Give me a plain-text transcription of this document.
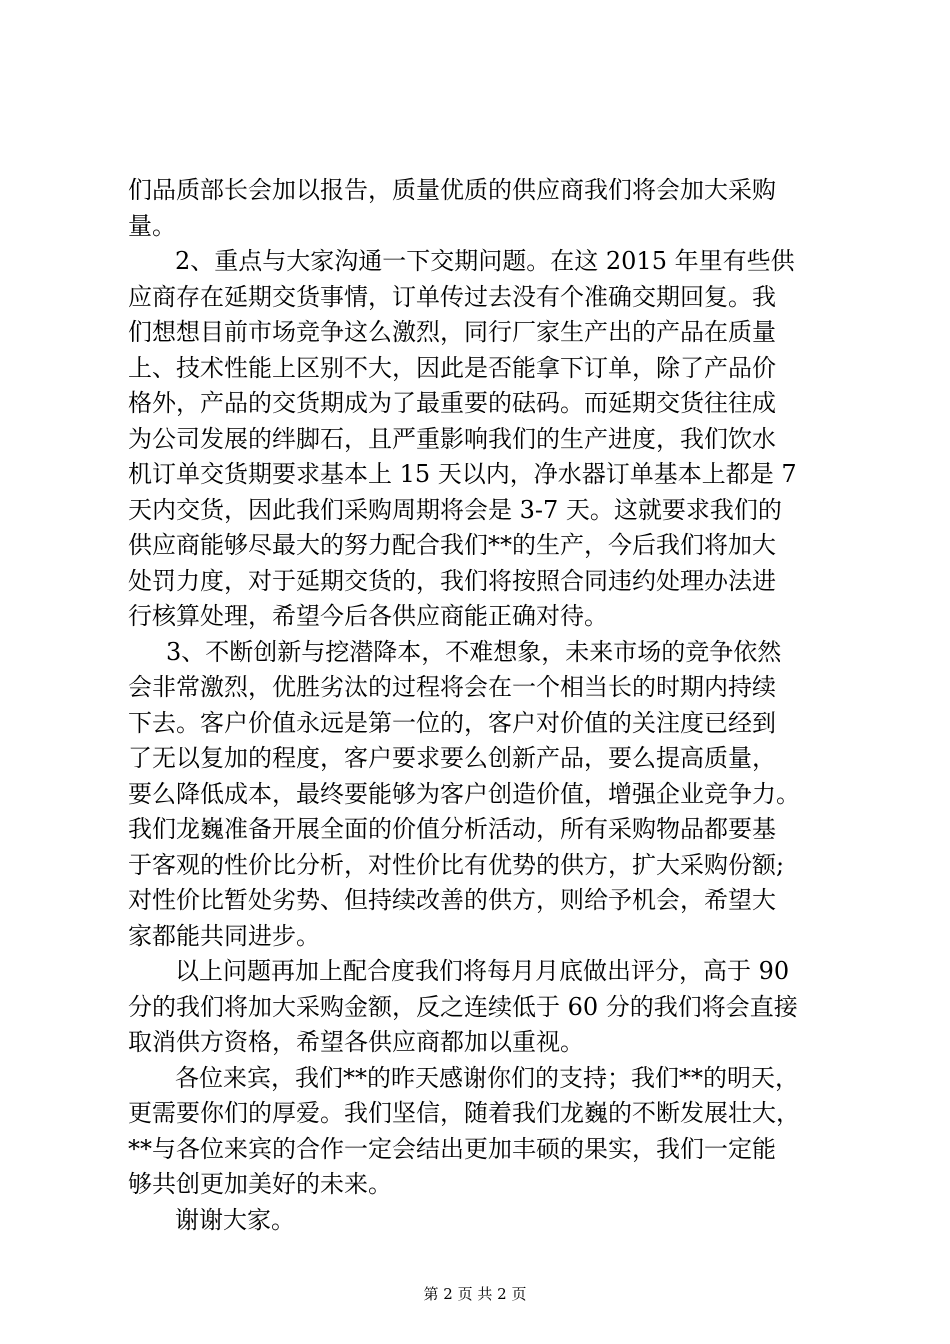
们品质部长会加以报告，质量优质的供应商我们将会加大采购
量。
2、重点与大家沟通一下交期问题。在这 2015 年里有些供
应商存在延期交货事情，订单传过去没有个准确交期回复。我
们想想目前市场竞争这么激烈，同行厂家生产出的产品在质量
上、技术性能上区别不大，因此是否能拿下订单，除了产品价
格外，产品的交货期成为了最重要的砝码。而延期交货往往成
为公司发展的绊脚石，且严重影响我们的生产进度，我们饮水
机订单交货期要求基本上 15 天以内，净水器订单基本上都是 7
天内交货，因此我们采购周期将会是 3-7 天。这就要求我们的
供应商能够尽最大的努力配合我们**的生产，今后我们将加大
处罚力度，对于延期交货的，我们将按照合同违约处理办法进
行核算处理，希望今后各供应商能正确对待。
3、不断创新与挖潜降本，不难想象，未来市场的竞争依然
会非常激烈，优胜劣汰的过程将会在一个相当长的时期内持续
下去。客户价值永远是第一位的，客户对价值的关注度已经到
了无以复加的程度，客户要求要么创新产品，要么提高质量，
要么降低成本，最终要能够为客户创造价值，增强企业竞争力。
我们龙巍准备开展全面的价值分析活动，所有采购物品都要基
于客观的性价比分析，对性价比有优势的供方，扩大采购份额;
对性价比暂处劣势、但持续改善的供方，则给予机会，希望大
家都能共同进步。
以上问题再加上配合度我们将每月月底做出评分，高于 90
分的我们将加大采购金额，反之连续低于 60 分的我们将会直接
取消供方资格，希望各供应商都加以重视。
各位来宾，我们**的昨天感谢你们的支持；我们**的明天，
更需要你们的厚爱。我们坚信，随着我们龙巍的不断发展壮大，
**与各位来宾的合作一定会结出更加丰硕的果实，我们一定能
够共创更加美好的未来。
谢谢大家。
第 2 页 共 2 页
